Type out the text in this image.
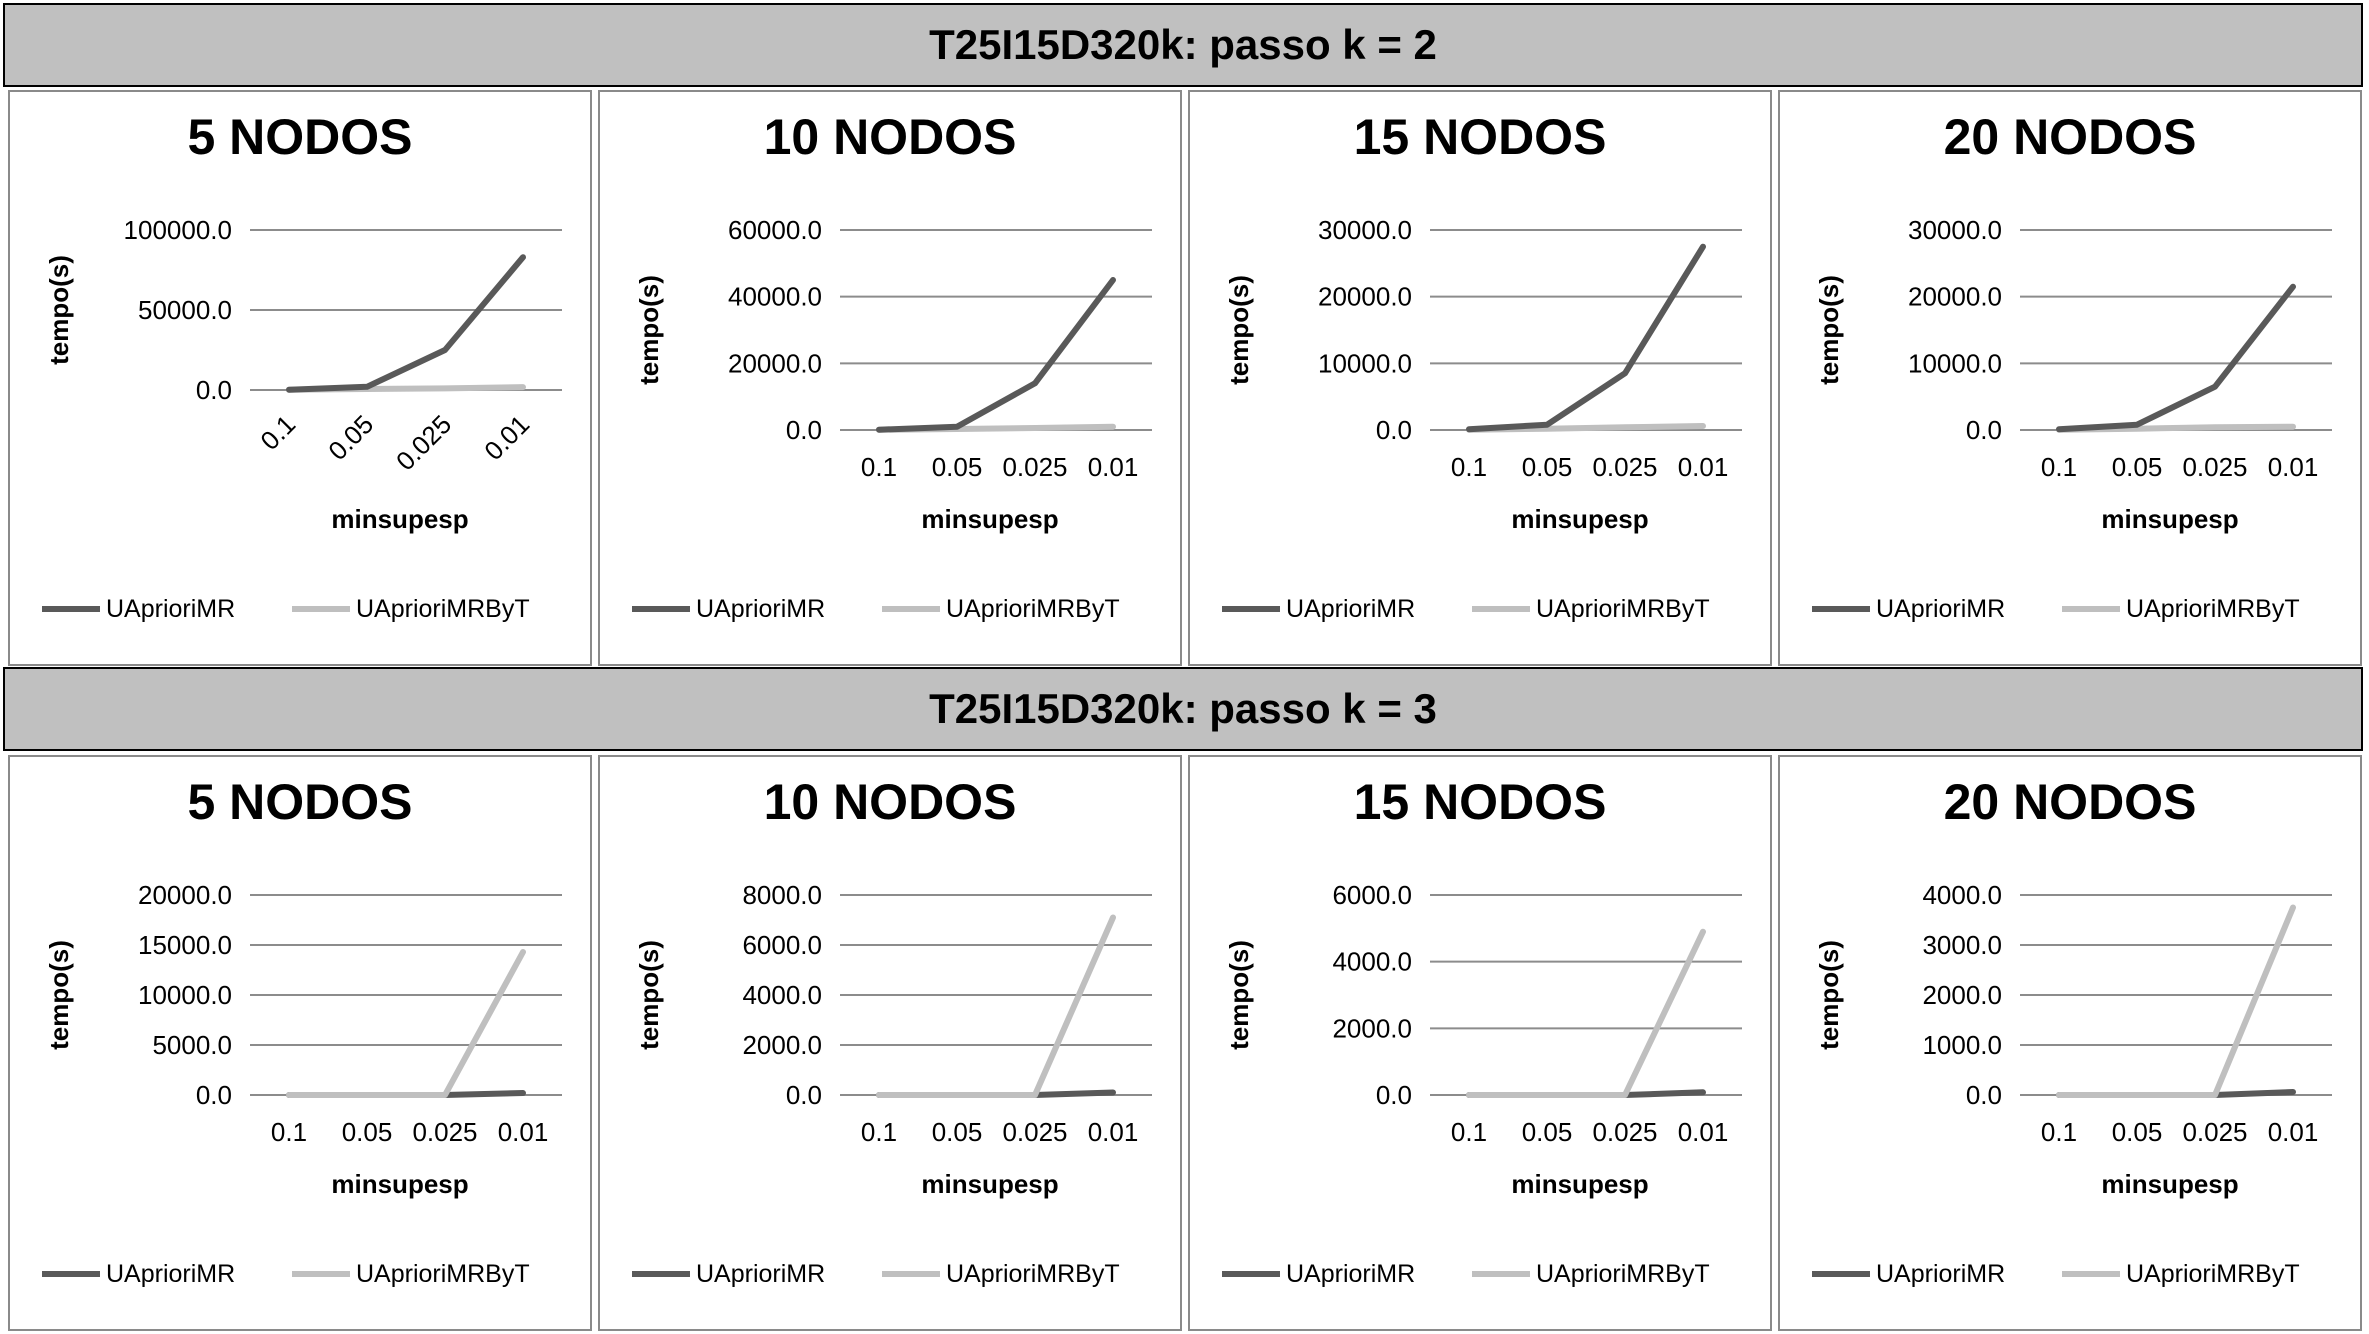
T25I15D320k: passo k = 2
T25I15D320k: passo k = 3
5 NODOS
0.0
50000.0
100000.0
tempo(s)
0.1 0.05 0.025 0.01
minsupesp
UAprioriMR	UAprioriMRByT
10 NODOS
0.0
20000.0
40000.0
60000.0
tempo(s)
0.1 0.05 0.025 0.01
minsupesp
UAprioriMR	UAprioriMRByT
15 NODOS
0.0
10000.0
20000.0
30000.0
tempo(s)
0.1 0.05 0.025 0.01
minsupesp
UAprioriMR	UAprioriMRByT
20 NODOS
0.0
10000.0
20000.0
30000.0
tempo(s)
0.1 0.05 0.025 0.01
minsupesp
UAprioriMR	UAprioriMRByT
5 NODOS
0.0
5000.0
10000.0
15000.0
20000.0
tempo(s)
0.1 0.05 0.025 0.01
minsupesp
UAprioriMR	UAprioriMRByT
10 NODOS
0.0
2000.0
4000.0
6000.0
8000.0
tempo(s)
0.1 0.05 0.025 0.01
minsupesp
UAprioriMR	UAprioriMRByT
15 NODOS
0.0
2000.0
4000.0
6000.0
tempo(s)
0.1 0.05 0.025 0.01
minsupesp
UAprioriMR	UAprioriMRByT
20 NODOS
0.0
1000.0
2000.0
3000.0
4000.0
tempo(s)
0.1 0.05 0.025 0.01
minsupesp
UAprioriMR	UAprioriMRByT
